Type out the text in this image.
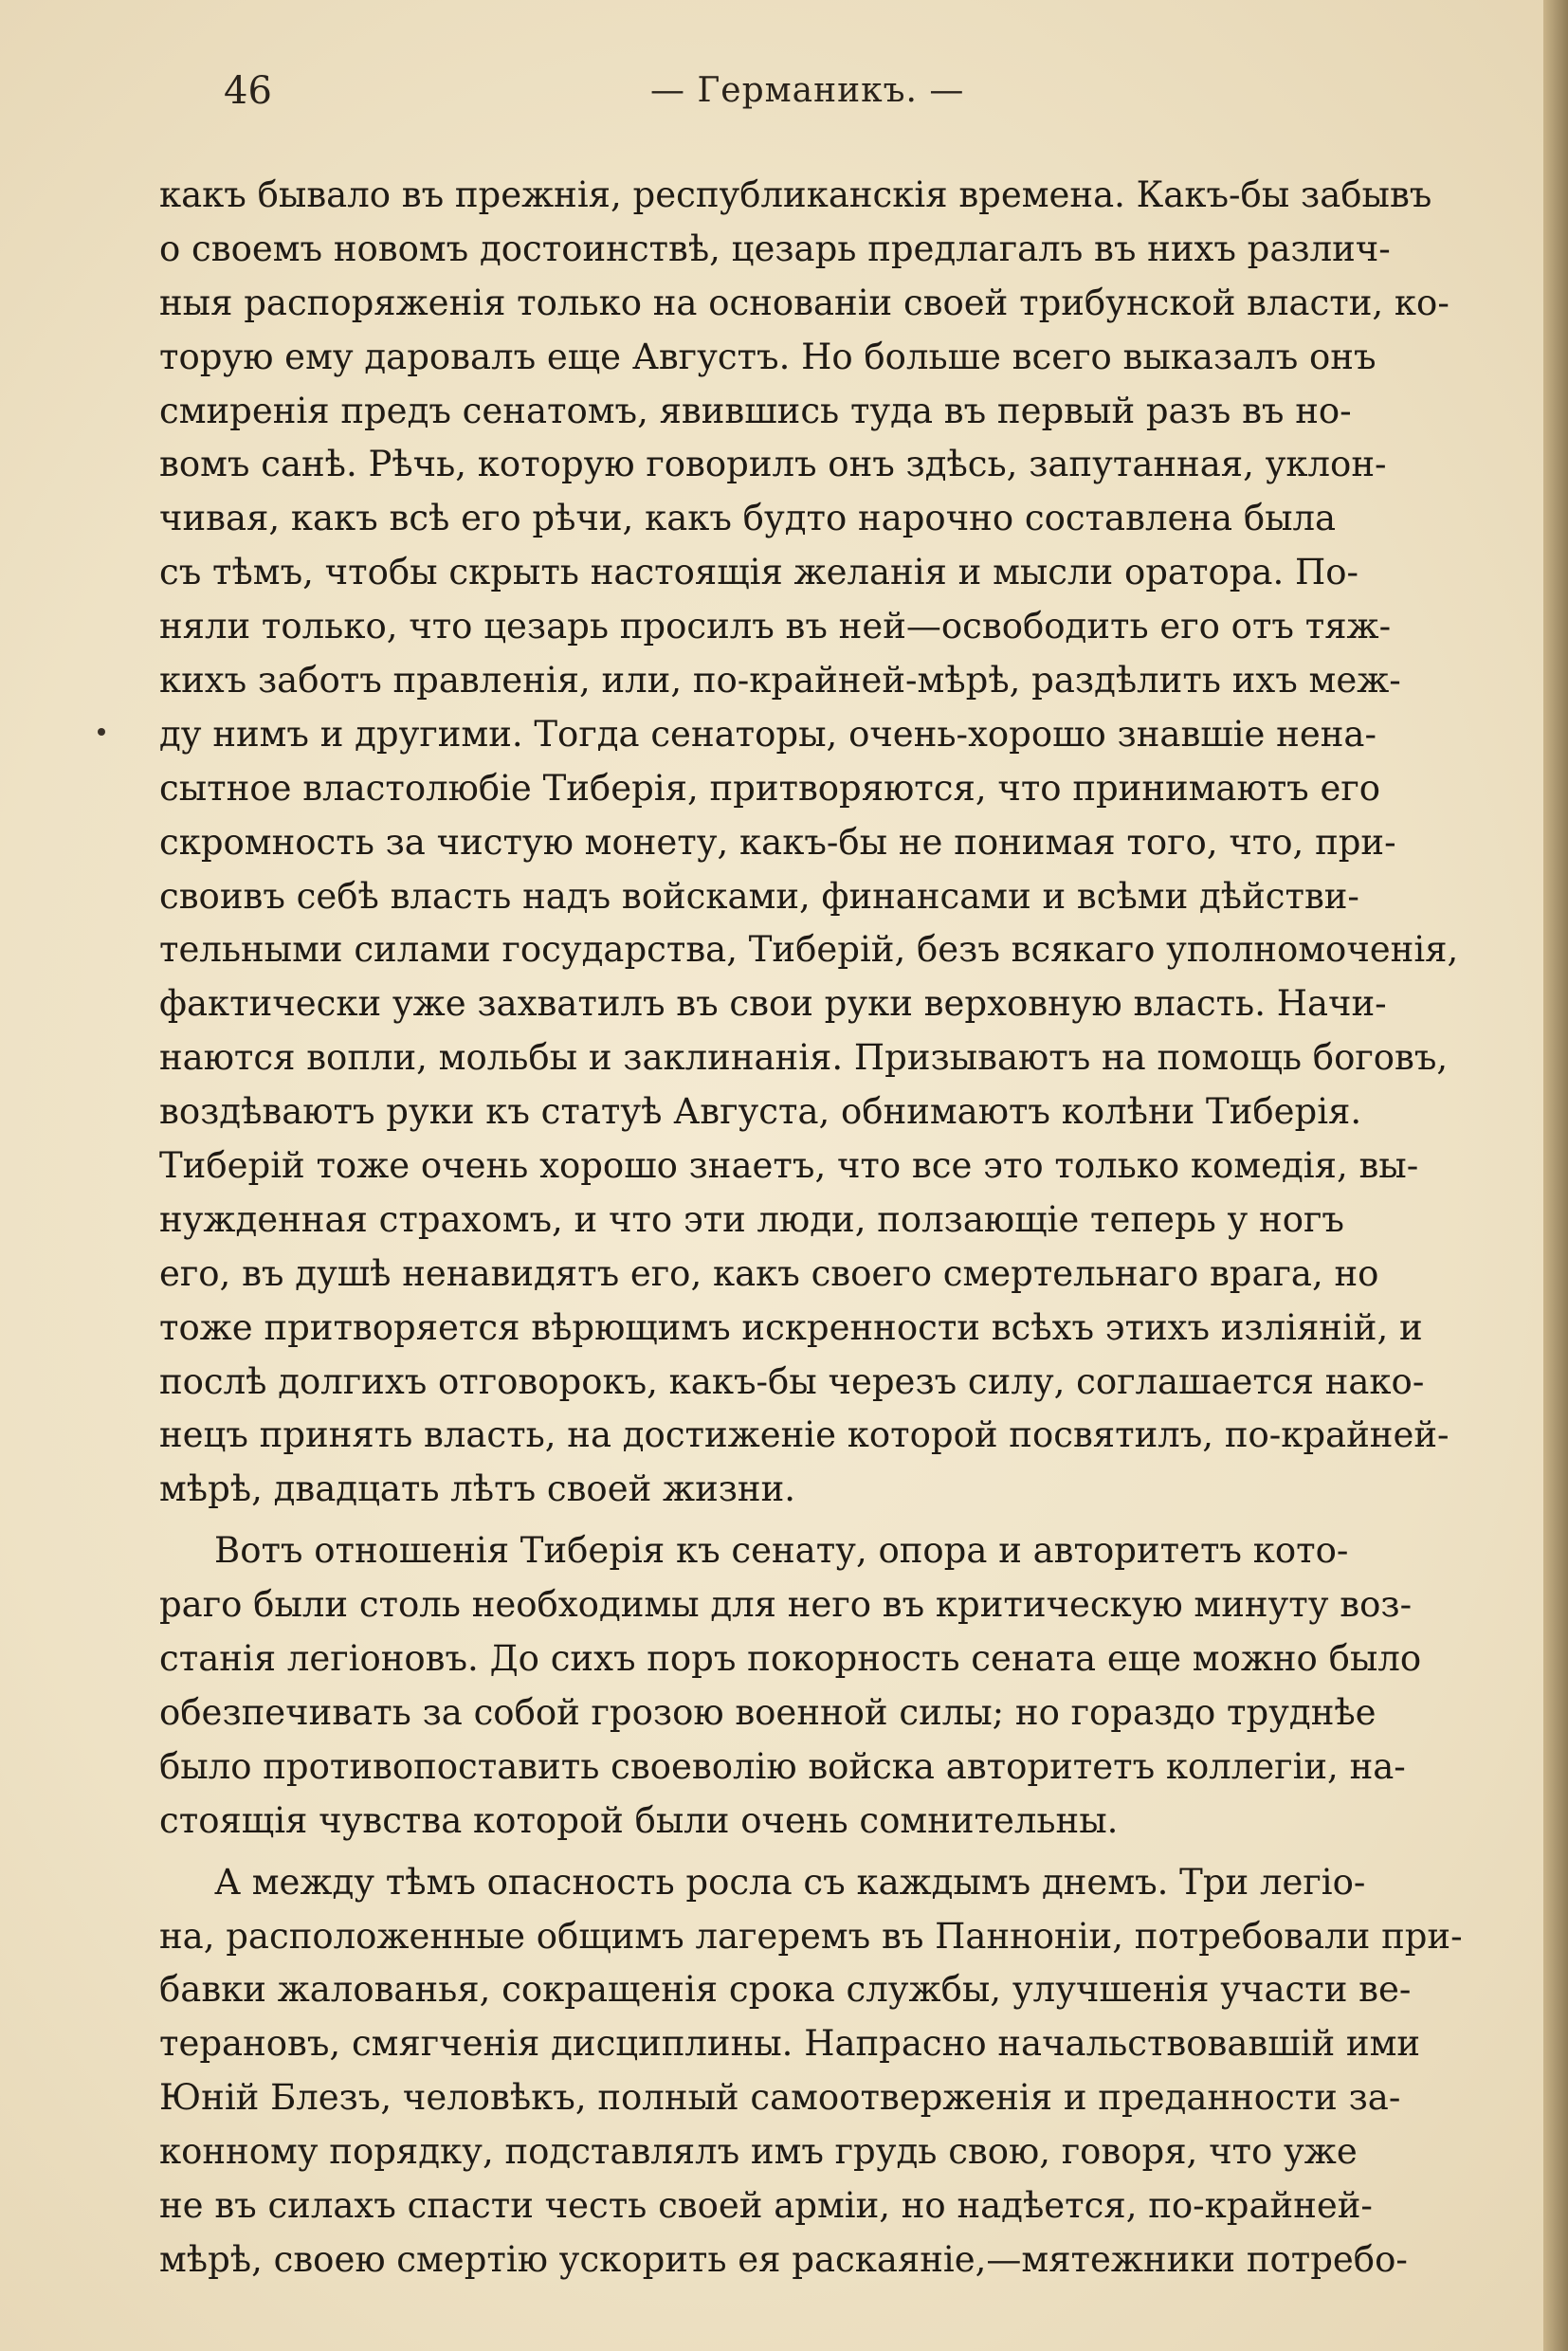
46	— Германикъ. —
какъ бывало въ прежнія, республиканскія времена. Какъ-бы забывъ
о своемъ новомъ достоинствѣ, цезарь предлагалъ въ нихъ различ-
ныя распоряженія только на основаніи своей трибунской власти, ко-
торую ему даровалъ еще Августъ. Но больше всего выказалъ онъ
смиренія предъ сенатомъ, явившись туда въ первый разъ въ но-
вомъ санѣ. Рѣчь, которую говорилъ онъ здѣсь, запутанная, уклон-
чивая, какъ всѣ его рѣчи, какъ будто нарочно составлена была
съ тѣмъ, чтобы скрыть настоящія желанія и мысли оратора. По-
няли только, что цезарь просилъ въ ней—освободить его отъ тяж-
кихъ заботъ правленія, или, по-крайней-мѣрѣ, раздѣлить ихъ меж-
ду нимъ и другими. Тогда сенаторы, очень-хорошо знавшіе нена-
сытное властолюбіе Тиберія, притворяются, что принимаютъ его
скромность за чистую монету, какъ-бы не понимая того, что, при-
своивъ себѣ власть надъ войсками, финансами и всѣми дѣйстви-
тельными силами государства, Тиберій, безъ всякаго уполномоченія,
фактически уже захватилъ въ свои руки верховную власть. Начи-
наются вопли, мольбы и заклинанія. Призываютъ на помощь боговъ,
воздѣваютъ руки къ статуѣ Августа, обнимаютъ колѣни Тиберія.
Тиберій тоже очень хорошо знаетъ, что все это только комедія, вы-
нужденная страхомъ, и что эти люди, ползающіе теперь у ногъ
его, въ душѣ ненавидятъ его, какъ своего смертельнаго врага, но
тоже притворяется вѣрющимъ искренности всѣхъ этихъ изліяній, и
послѣ долгихъ отговорокъ, какъ-бы черезъ силу, соглашается нако-
нецъ принять власть, на достиженіе которой посвятилъ, по-крайней-
мѣрѣ, двадцать лѣтъ своей жизни.
Вотъ отношенія Тиберія къ сенату, опора и авторитетъ кото-
раго были столь необходимы для него въ критическую минуту воз-
станія легіоновъ. До сихъ поръ покорность сената еще можно было
обезпечивать за собой грозою военной силы; но гораздо труднѣе
было противопоставить своеволію войска авторитетъ коллегіи, на-
стоящія чувства которой были очень сомнительны.
А между тѣмъ опасность росла съ каждымъ днемъ. Три легіо-
на, расположенные общимъ лагеремъ въ Панноніи, потребовали при-
бавки жалованья, сокращенія срока службы, улучшенія участи ве-
терановъ, смягченія дисциплины. Напрасно начальствовавшій ими
Юній Блезъ, человѣкъ, полный самоотверженія и преданности за-
конному порядку, подставлялъ имъ грудь свою, говоря, что уже
не въ силахъ спасти честь своей арміи, но надѣется, по-крайней-
мѣрѣ, своею смертію ускорить ея раскаяніе,—мятежники потребо-
